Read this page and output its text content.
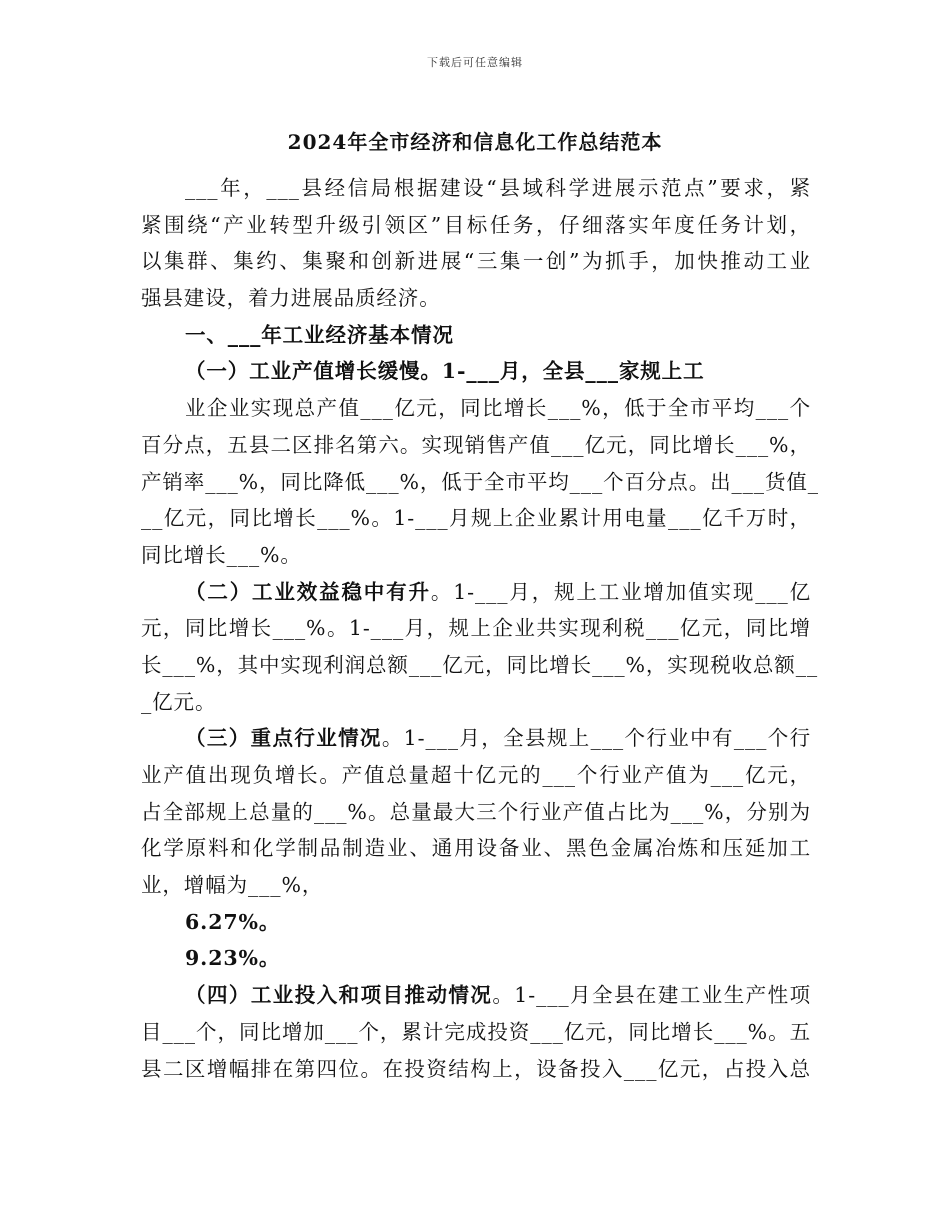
下载后可任意编辑
2024年全市经济和信息化工作总结范本
___年，___县经信局根据建设“县域科学进展示范点”要求，紧
紧围绕“产业转型升级引领区”目标任务，仔细落实年度任务计划，
以集群、集约、集聚和创新进展“三集一创”为抓手，加快推动工业
强县建设，着力进展品质经济。
一、___年工业经济基本情况
（一）工业产值增长缓慢。1-___月，全县___家规上工
业企业实现总产值___亿元，同比增长___%，低于全市平均___个
百分点，五县二区排名第六。实现销售产值___亿元，同比增长___%，
产销率___%，同比降低___%，低于全市平均___个百分点。出___货值_
__亿元，同比增长___%。1-___月规上企业累计用电量___亿千万时，
同比增长___%。
（二）工业效益稳中有升。1-___月，规上工业增加值实现___亿
元，同比增长___%。1-___月，规上企业共实现利税___亿元，同比增
长___%，其中实现利润总额___亿元，同比增长___%，实现税收总额__
_亿元。
（三）重点行业情况。1-___月，全县规上___个行业中有___个行
业产值出现负增长。产值总量超十亿元的___个行业产值为___亿元，
占全部规上总量的___%。总量最大三个行业产值占比为___%，分别为
化学原料和化学制品制造业、通用设备业、黑色金属冶炼和压延加工
业，增幅为___%，
6.27%。
9.23%。
（四）工业投入和项目推动情况。1-___月全县在建工业生产性项
目___个，同比增加___个，累计完成投资___亿元，同比增长___%。五
县二区增幅排在第四位。在投资结构上，设备投入___亿元，占投入总
